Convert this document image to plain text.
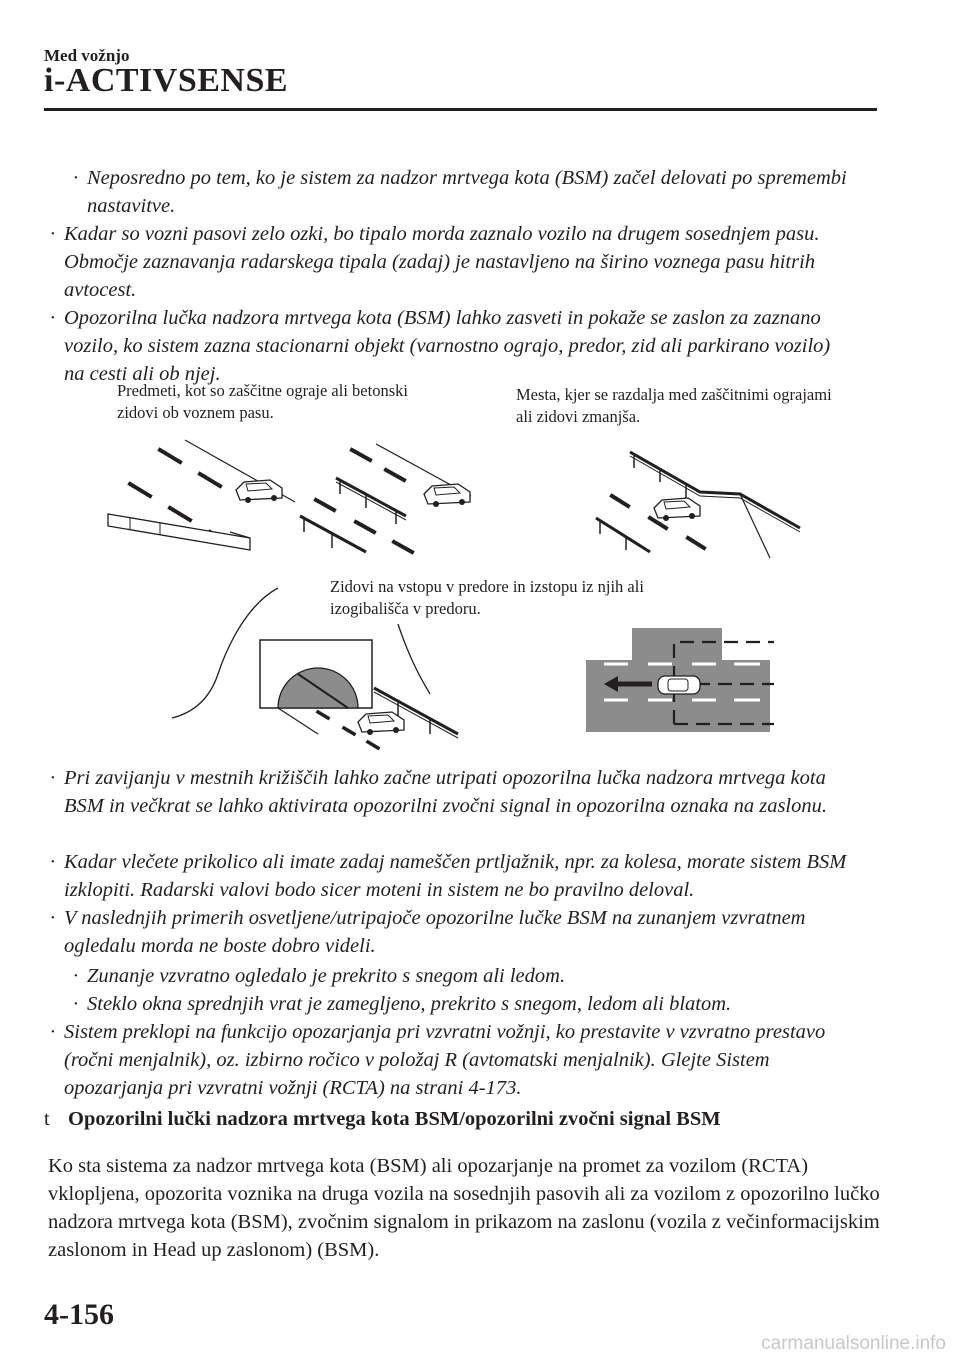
Med vožnjo
i-ACTIVSENSE
· Neposredno po tem, ko je sistem za nadzor mrtvega kota (BSM) začel delovati po spremembi nastavitve.
· Kadar so vozni pasovi zelo ozki, bo tipalo morda zaznalo vozilo na drugem sosednjem pasu. Območje zaznavanja radarskega tipala (zadaj) je nastavljeno na širino voznega pasu hitrih avtocest.
· Opozorilna lučka nadzora mrtvega kota (BSM) lahko zasveti in pokaže se zaslon za zaznano vozilo, ko sistem zazna stacionarni objekt (varnostno ograjo, predor, zid ali parkirano vozilo) na cesti ali ob njej.
Predmeti, kot so zaščitne ograje ali betonski zidovi ob voznem pasu.
Mesta, kjer se razdalja med zaščitnimi ograjami ali zidovi zmanjša.
Zidovi na vstopu v predore in izstopu iz njih ali izogibališča v predoru.
· Pri zavijanju v mestnih križiščih lahko začne utripati opozorilna lučka nadzora mrtvega kota BSM in večkrat se lahko aktivirata opozorilni zvočni signal in opozorilna oznaka na zaslonu.
· Kadar vlečete prikolico ali imate zadaj nameščen prtljažnik, npr. za kolesa, morate sistem BSM izklopiti. Radarski valovi bodo sicer moteni in sistem ne bo pravilno deloval.
· V naslednjih primerih osvetljene/utripajoče opozorilne lučke BSM na zunanjem vzvratnem ogledalu morda ne boste dobro videli.
· Zunanje vzvratno ogledalo je prekrito s snegom ali ledom.
· Steklo okna sprednjih vrat je zamegljeno, prekrito s snegom, ledom ali blatom.
· Sistem preklopi na funkcijo opozarjanja pri vzvratni vožnji, ko prestavite v vzvratno prestavo (ročni menjalnik), oz. izbirno ročico v položaj R (avtomatski menjalnik). Glejte Sistem opozarjanja pri vzvratni vožnji (RCTA) na strani 4-173.
t Opozorilni lučki nadzora mrtvega kota BSM/opozorilni zvočni signal BSM
Ko sta sistema za nadzor mrtvega kota (BSM) ali opozarjanje na promet za vozilom (RCTA) vklopljena, opozorita voznika na druga vozila na sosednjih pasovih ali za vozilom z opozorilno lučko nadzora mrtvega kota (BSM), zvočnim signalom in prikazom na zaslonu (vozila z večinformacijskim zaslonom in Head up zaslonom) (BSM).
4-156
carmanualsonline.info
